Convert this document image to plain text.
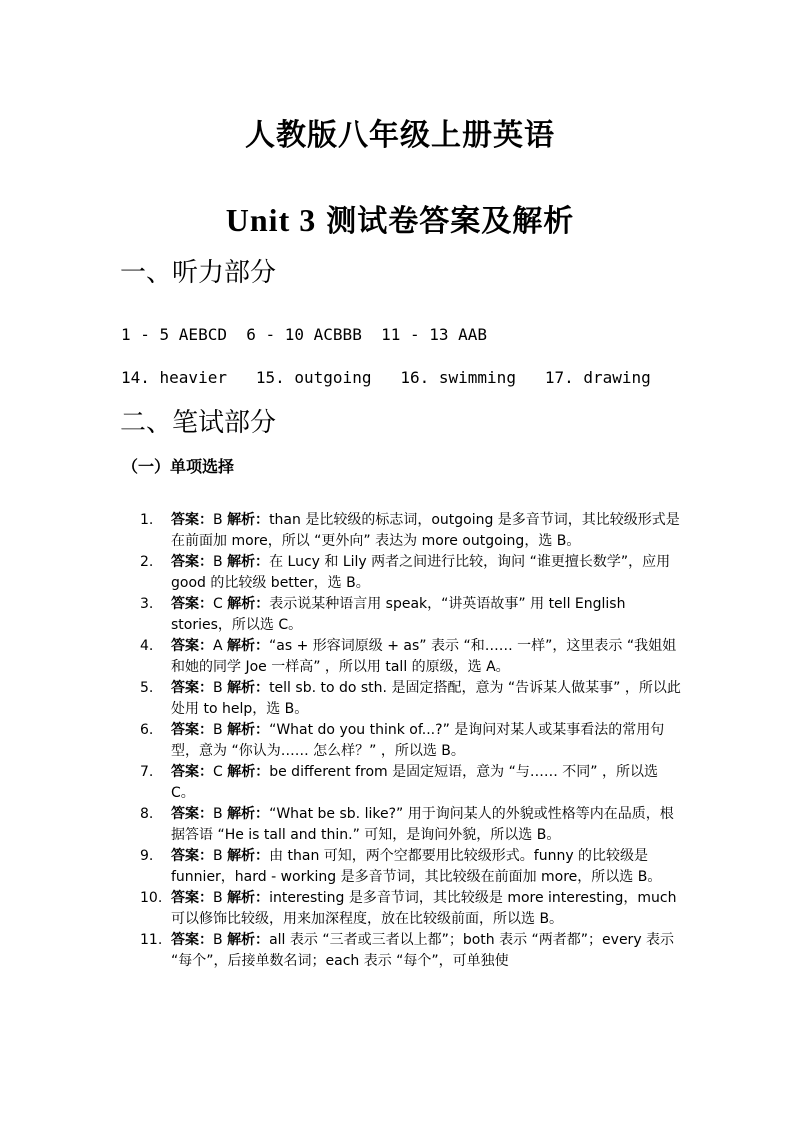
人教版八年级上册英语
Unit 3 测试卷答案及解析
一、听力部分
1 - 5 AEBCD  6 - 10 ACBBB  11 - 13 AAB
14. heavier   15. outgoing   16. swimming   17. drawing
二、笔试部分
（一）单项选择
1.	答案：B 解析：than 是比较级的标志词，outgoing 是多音节词，其比较级形式是在前面加 more，所以 “更外向” 表达为 more outgoing，选 B。
2.	答案：B 解析：在 Lucy 和 Lily 两者之间进行比较，询问 “谁更擅长数学”，应用 good 的比较级 better，选 B。
3.	答案：C 解析：表示说某种语言用 speak，“讲英语故事” 用 tell English stories，所以选 C。
4.	答案：A 解析：“as + 形容词原级 + as” 表示 “和…… 一样”，这里表示 “我姐姐和她的同学 Joe 一样高” ，所以用 tall 的原级，选 A。
5.	答案：B 解析：tell sb. to do sth. 是固定搭配，意为 “告诉某人做某事” ，所以此处用 to help，选 B。
6.	答案：B 解析：“What do you think of...?” 是询问对某人或某事看法的常用句型，意为 “你认为…… 怎么样？” ，所以选 B。
7.	答案：C 解析：be different from 是固定短语，意为 “与…… 不同” ，所以选 C。
8.	答案：B 解析：“What be sb. like?” 用于询问某人的外貌或性格等内在品质，根据答语 “He is tall and thin.” 可知，是询问外貌，所以选 B。
9.	答案：B 解析：由 than 可知，两个空都要用比较级形式。funny 的比较级是 funnier，hard - working 是多音节词，其比较级在前面加 more，所以选 B。
10. 答案：B 解析：interesting 是多音节词，其比较级是 more interesting，much 可以修饰比较级，用来加深程度，放在比较级前面，所以选 B。
11. 答案：B 解析：all 表示 “三者或三者以上都”；both 表示 “两者都”；every 表示 “每个”，后接单数名词；each 表示 “每个”，可单独使
